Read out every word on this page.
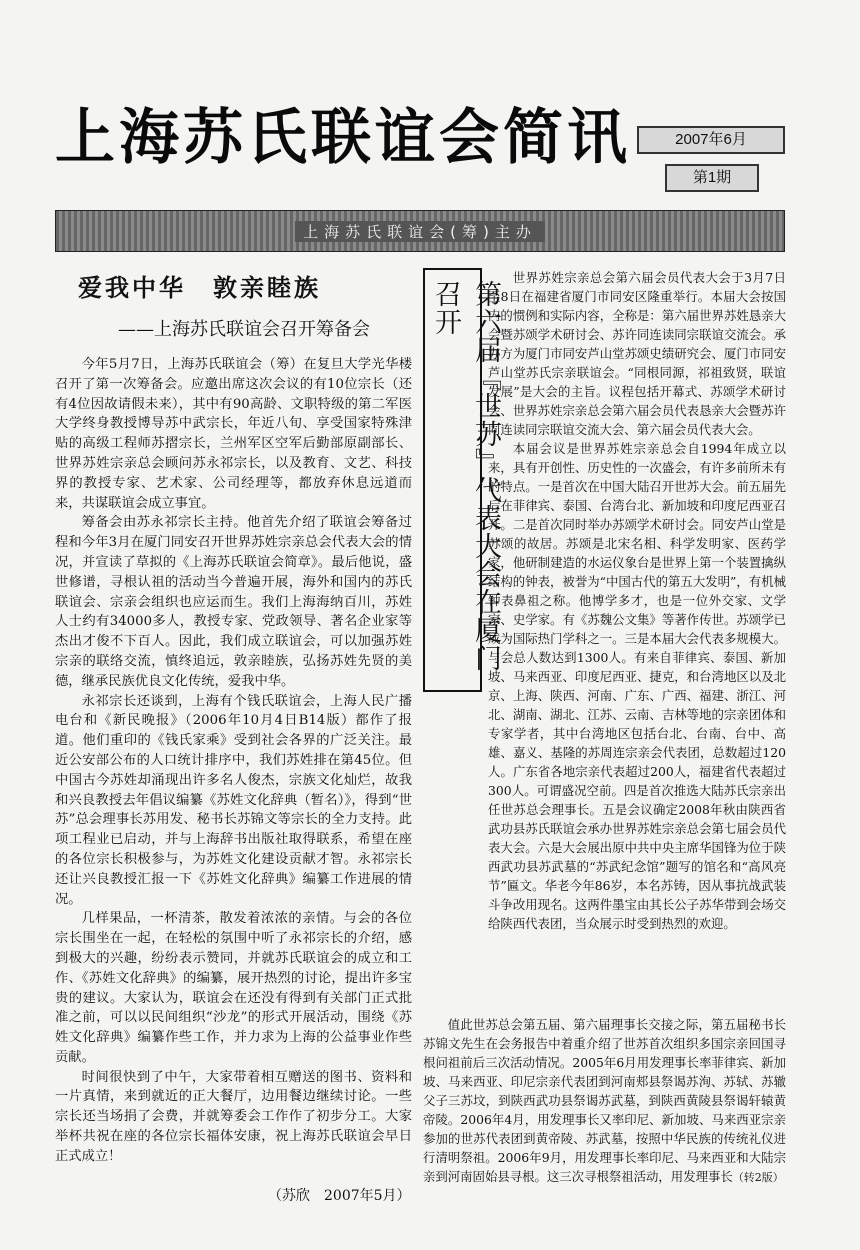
上海苏氏联谊会简讯	2007年6月
第1期
上海苏氏联谊会(筹)主办
爱我中华　敦亲睦族
——上海苏氏联谊会召开筹备会

今年5月7日，上海苏氏联谊会（筹）在复旦大学光华楼召开了第一次筹备会。应邀出席这次会议的有10位宗长（还有4位因故请假未来），其中有90高龄、文职特级的第二军医大学终身教授博导苏中武宗长，年近八旬、享受国家特殊津贴的高级工程师苏摺宗长，兰州军区空军后勤部原副部长、世界苏姓宗亲总会顾问苏永祁宗长，以及教育、文艺、科技界的教授专家、艺术家、公司经理等，都放弃休息远道而来，共谋联谊会成立事宜。

筹备会由苏永祁宗长主持。他首先介绍了联谊会筹备过程和今年3月在厦门同安召开世界苏姓宗亲总会代表大会的情况，并宣读了草拟的《上海苏氏联谊会简章》。最后他说，盛世修谱，寻根认祖的活动当今普遍开展，海外和国内的苏氏联谊会、宗亲会组织也应运而生。我们上海海纳百川，苏姓人士约有34000多人，教授专家、党政领导、著名企业家等杰出才俊不下百人。因此，我们成立联谊会，可以加强苏姓宗亲的联络交流，慎终追远，敦亲睦族，弘扬苏姓先贤的美德，继承民族优良文化传统，爱我中华。

永祁宗长还谈到，上海有个钱氏联谊会，上海人民广播电台和《新民晚报》（2006年10月4日B14版）都作了报道。他们重印的《钱氏家乘》受到社会各界的广泛关注。最近公安部公布的人口统计排序中，我们苏姓排在第45位。但中国古今苏姓却涌现出许多名人俊杰，宗族文化灿烂，故我和兴良教授去年倡议编纂《苏姓文化辞典（暂名）》，得到“世苏”总会理事长苏用发、秘书长苏锦文等宗长的全力支持。此项工程业已启动，并与上海辞书出版社取得联系，希望在座的各位宗长积极参与，为苏姓文化建设贡献才智。永祁宗长还让兴良教授汇报一下《苏姓文化辞典》编纂工作进展的情况。

几样果品，一杯清茶，散发着浓浓的亲情。与会的各位宗长围坐在一起，在轻松的氛围中听了永祁宗长的介绍，感到极大的兴趣，纷纷表示赞同，并就苏氏联谊会的成立和工作、《苏姓文化辞典》的编纂，展开热烈的讨论，提出许多宝贵的建议。大家认为，联谊会在还没有得到有关部门正式批准之前，可以以民间组织“沙龙”的形式开展活动，围绕《苏姓文化辞典》编纂作些工作，并力求为上海的公益事业作些贡献。

时间很快到了中午，大家带着相互赠送的图书、资料和一片真情，来到就近的正大餐厅，边用餐边继续讨论。一些宗长还当场捐了会费，并就筹委会工作作了初步分工。大家举杯共祝在座的各位宗长福体安康，祝上海苏氏联谊会早日正式成立！

（苏欣　2007年5月）
第六届『世苏』代表大会在厦门召开

世界苏姓宗亲总会第六届会员代表大会于3月7日至8日在福建省厦门市同安区隆重举行。本届大会按国内的惯例和实际内容，全称是：第六届世界苏姓恳亲大会暨苏颂学术研讨会、苏许同连读同宗联谊交流会。承办方为厦门市同安芦山堂苏颂史绩研究会、厦门市同安芦山堂苏氏宗亲联谊会。“同根同源，祁祖致贤，联谊发展”是大会的主旨。议程包括开幕式、苏颂学术研讨会、世界苏姓宗亲总会第六届会员代表恳亲大会暨苏许同连读同宗联谊交流大会、第六届会员代表大会。

本届会议是世界苏姓宗亲总会自1994年成立以来，具有开创性、历史性的一次盛会，有许多前所未有的特点。一是首次在中国大陆召开世苏大会。前五届先后在菲律宾、泰国、台湾台北、新加坡和印度尼西亚召开。二是首次同时举办苏颂学术研讨会。同安芦山堂是苏颂的故居。苏颂是北宋名相、科学发明家、医药学家，他研制建造的水运仪象台是世界上第一个装置擒纵结构的钟表，被誉为“中国古代的第五大发明”，有机械钟表鼻祖之称。他博学多才，也是一位外交家、文学家、史学家。有《苏魏公文集》等著作传世。苏颂学已成为国际热门学科之一。三是本届大会代表多规模大。与会总人数达到1300人。有来自菲律宾、泰国、新加坡、马来西亚、印度尼西亚、捷克，和台湾地区以及北京、上海、陕西、河南、广东、广西、福建、浙江、河北、湖南、湖北、江苏、云南、吉林等地的宗亲团体和专家学者，其中台湾地区包括台北、台南、台中、高雄、嘉义、基隆的苏周连宗亲会代表团，总数超过120人。广东省各地宗亲代表超过200人，福建省代表超过300人。可谓盛况空前。四是首次推选大陆苏氏宗亲出任世苏总会理事长。五是会议确定2008年秋由陕西省武功县苏氏联谊会承办世界苏姓宗亲总会第七届会员代表大会。六是大会展出原中共中央主席华国锋为位于陕西武功县苏武墓的“苏武纪念馆”题写的馆名和“高风亮节”匾文。华老今年86岁，本名苏铸，因从事抗战武装斗争改用现名。这两件墨宝由其长公子苏华带到会场交给陕西代表团，当众展示时受到热烈的欢迎。

值此世苏总会第五届、第六届理事长交接之际，第五届秘书长苏锦文先生在会务报告中着重介绍了世苏首次组织多国宗亲回国寻根问祖前后三次活动情况。2005年6月用发理事长率菲律宾、新加坡、马来西亚、印尼宗亲代表团到河南郏县祭谒苏洵、苏轼、苏辙父子三苏坟，到陕西武功县祭谒苏武墓，到陕西黄陵县祭谒轩辕黄帝陵。2006年4月，用发理事长又率印尼、新加坡、马来西亚宗亲参加的世苏代表团到黄帝陵、苏武墓，按照中华民族的传统礼仪进行清明祭祖。2006年9月，用发理事长率印尼、马来西亚和大陆宗亲到河南固始县寻根。这三次寻根祭祖活动，用发理事长（转2版）
